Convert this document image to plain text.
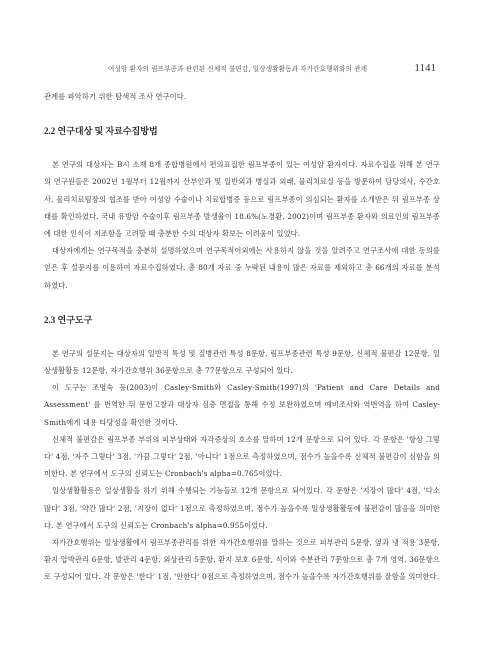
여성암 환자의 림프부종과 관련된 신체적 불편감, 일상생활활동과 자가간호행위와의 관계	1141

관계를 파악하기 위한 탐색적 조사 연구이다.

2.2 연구대상 및 자료수집방법

본 연구의 대상자는 B시 소재 8개 종합병원에서 편의표집한 림프부종이 있는 여성암 환자이다. 자료수집을 위해 본 연구의 연구원들은 2002년 1월부터 12월까지 산부인과 및 일반외과 병실과 외래, 물리치료실 등을 방문하여 담당의사, 수간호사, 물리치료팀장의 협조를 받아 여성암 수술이나 치료합병증 등으로 림프부종이 의심되는 환자를 소개받은 뒤 림프부종 상태를 확인하였다. 국내 유방암 수술이후 림프부종 발생율이 18.6%(노경환, 2002)이며 림프부종 환자와 의료인의 림프부종에 대한 인식이 저조함을 고려할 때 충분한 수의 대상자 확보는 이려움이 있었다.

대상자에게는 연구목적을 충분히 설명하였으며 연구목적이외에는 사용하지 않을 것을 알려주고 연구조사에 대한 동의를 얻은 후 설문지를 이용하여 자료수집하였다. 총 80개 자료 중 누락된 내용이 많은 자료를 제외하고 총 66개의 자료를 분석하였다.

2.3 연구도구

본 연구의 설문지는 대상자의 일반적 특성 및 질병관련 특성 8문항, 림프부종관련 특성 9문항, 신체적 불편감 12문항, 일상생활활동 12문항, 자가간호행위 36문항으로 총 77문항으로 구성되어 있다.

이 도구는 조명숙 등(2003)이 Casley-Smith와 Casley-Smith(1997)의 'Patient and Care Details and Assessment' 를 번역한 뒤 문헌고찰과 대상자 심층 면접을 통해 수정 보완하였으며 예비조사와 역번역을 하여 Casley-Smith에게 내용 타당성을 확인한 것이다.

신체적 불편감은 림프부종 부위의 피부상태와 자각증상의 호소를 말하며 12개 문항으로 되어 있다. 각 문항은 '항상 그렇다' 4점, '자주 그렇다' 3점, '가끔 그렇다' 2점, '아니다' 1점으로 측정하였으며, 점수가 높을수록 신체적 불편감이 심함을 의미한다. 본 연구에서 도구의 신뢰도는 Cronbach's alpha=0.765이었다.

일상생활활동은 일상생활을 하기 위해 수행되는 기능들로 12개 문항으로 되어있다. 각 문항은 '지장이 많다' 4점, '다소 많다' 3점, '약간 많다' 2점, '지장이 없다' 1점으로 측정하였으며, 점수가 높을수록 일상생활활동에 불편감이 많음을 의미한다. 본 연구에서 도구의 신뢰도는 Cronbach's alpha=0.955이었다.

자가간호행위는 일상생활에서 림프부종관리를 위한 자가간호행위를 말하는 것으로 피부관리 5문항, 옆과 냉 적용 3문항, 환지 압박관리 6문항, 발관리 4문항, 외상관리 5문항, 환지 보호 6문항, 식이와 수분관리 7문항으로 총 7개 영역, 36문항으로 구성되어 있다. 각 문항은 '한다' 1점, '안한다' 0점으로 측정하였으며, 점수가 높을수록 자가간호행위를 잘함을 의미한다.
